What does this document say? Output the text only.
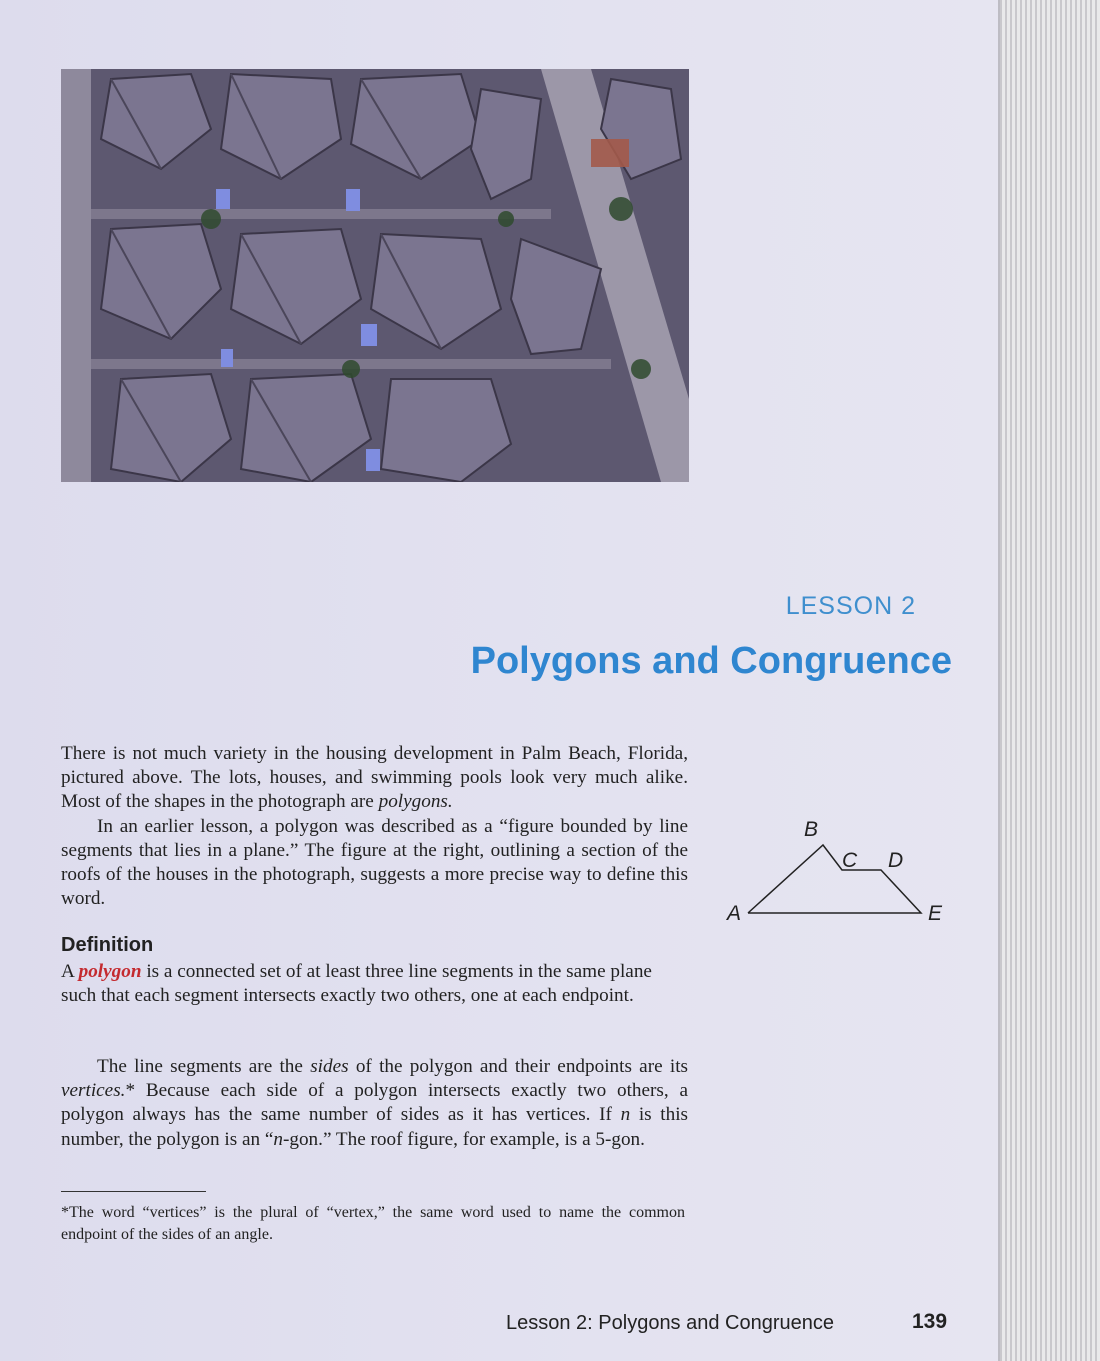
LESSON 2
Polygons and Congruence

There is not much variety in the housing development in Palm Beach, Florida, pictured above. The lots, houses, and swimming pools look very much alike. Most of the shapes in the photograph are polygons.

In an earlier lesson, a polygon was described as a “figure bounded by line segments that lies in a plane.” The figure at the right, outlining a section of the roofs of the houses in the photograph, suggests a more precise way to define this word.

Definition
A polygon is a connected set of at least three line segments in the same plane such that each segment intersects exactly two others, one at each endpoint.

The line segments are the sides of the polygon and their endpoints are its vertices.* Because each side of a polygon intersects exactly two others, a polygon always has the same number of sides as it has vertices. If n is this number, the polygon is an “n-gon.” The roof figure, for example, is a 5-gon.

*The word “vertices” is the plural of “vertex,” the same word used to name the common endpoint of the sides of an angle.
A
B
C D
E
Lesson 2: Polygons and Congruence	139
